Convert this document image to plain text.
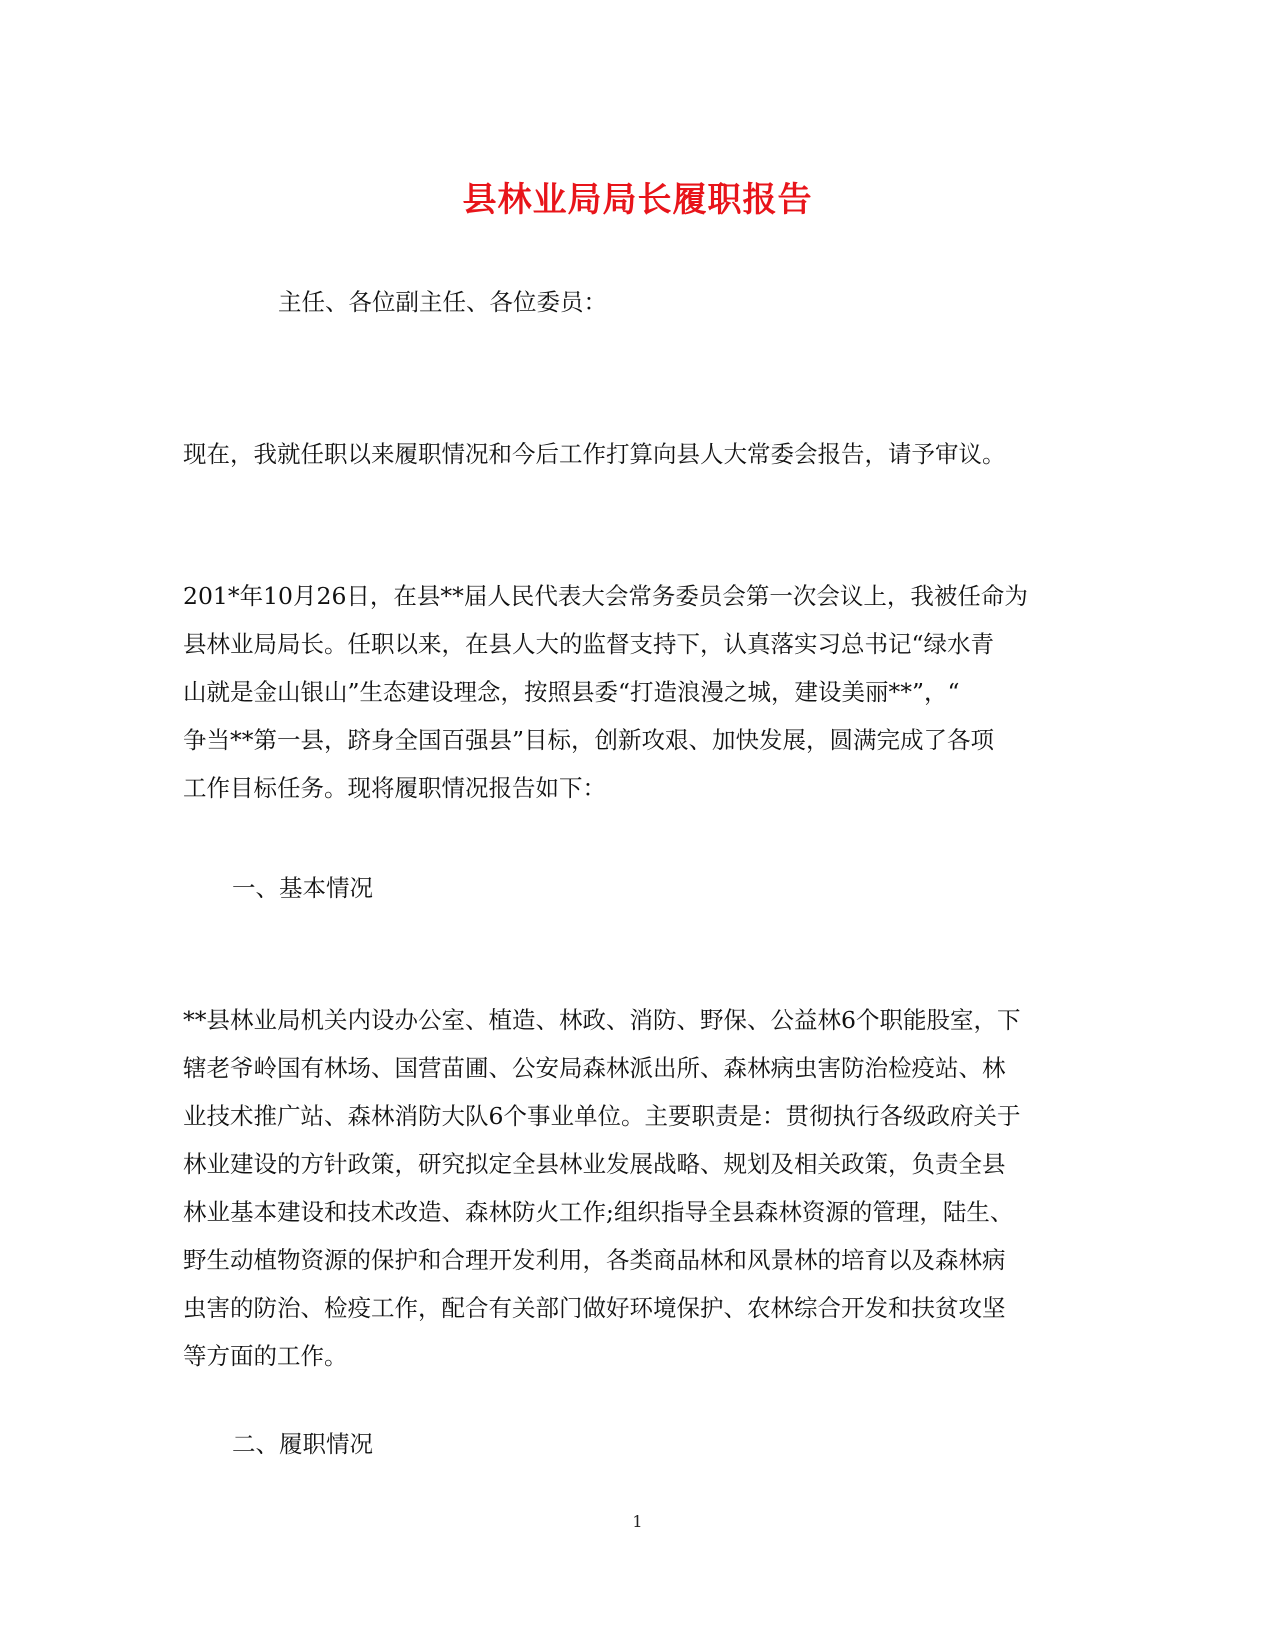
县林业局局长履职报告
主任、各位副主任、各位委员：
现在，我就任职以来履职情况和今后工作打算向县人大常委会报告，请予审议。
201*年10月26日，在县**届人民代表大会常务委员会第一次会议上，我被任命为
县林业局局长。任职以来，在县人大的监督支持下，认真落实习总书记“绿水青
山就是金山银山”生态建设理念，按照县委“打造浪漫之城，建设美丽**”，“
争当**第一县，跻身全国百强县”目标，创新攻艰、加快发展，圆满完成了各项
工作目标任务。现将履职情况报告如下：
一、基本情况
**县林业局机关内设办公室、植造、林政、消防、野保、公益林6个职能股室，下
辖老爷岭国有林场、国营苗圃、公安局森林派出所、森林病虫害防治检疫站、林
业技术推广站、森林消防大队6个事业单位。主要职责是：贯彻执行各级政府关于
林业建设的方针政策，研究拟定全县林业发展战略、规划及相关政策，负责全县
林业基本建设和技术改造、森林防火工作;组织指导全县森林资源的管理，陆生、
野生动植物资源的保护和合理开发利用，各类商品林和风景林的培育以及森林病
虫害的防治、检疫工作，配合有关部门做好环境保护、农林综合开发和扶贫攻坚
等方面的工作。
二、履职情况
1
